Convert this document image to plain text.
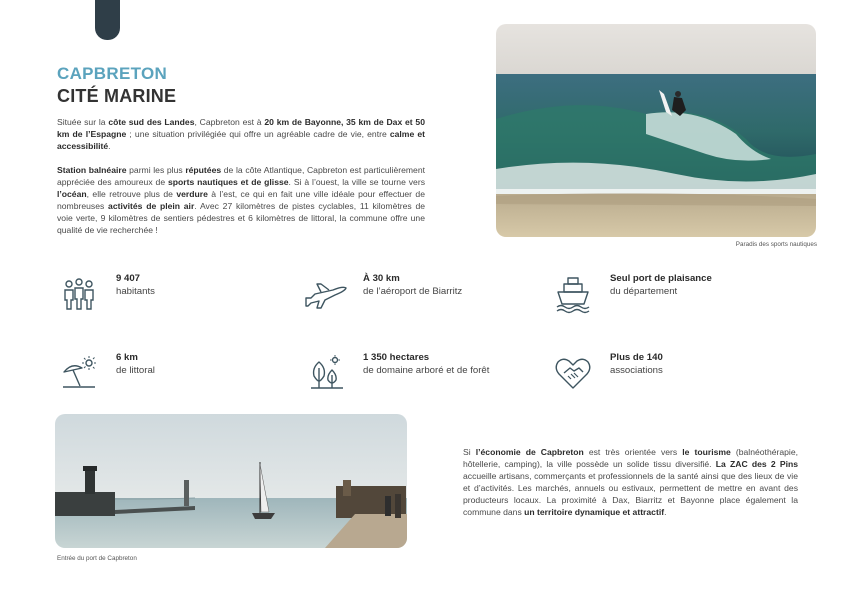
CAPBRETON
CITÉ MARINE

Située sur la côte sud des Landes, Capbreton est à 20 km de Bayonne, 35 km de Dax et 50 km de l’Espagne ; une situation privilégiée qui offre un agréable cadre de vie, entre calme et accessibilité.

Station balnéaire parmi les plus réputées de la côte Atlantique, Capbreton est particulièrement appréciée des amoureux de sports nautiques et de glisse. Si à l’ouest, la ville se tourne vers l’océan, elle retrouve plus de verdure à l’est, ce qui en fait une ville idéale pour effectuer de nombreuses activités de plein air. Avec 27 kilomètres de pistes cyclables, 11 kilomètres de voie verte, 9 kilomètres de sentiers pédestres et 6 kilomètres de littoral, la commune offre une qualité de vie recherchée !

Paradis des sports nautiques
9 407
habitants
À 30 km
de l’aéroport de Biarritz
Seul port de plaisance
du département
6 km
de littoral
1 350 hectares
de domaine arboré et de forêt
Plus de 140
associations
Entrée du port de Capbreton

Si l’économie de Capbreton est très orientée vers le tourisme (balnéothérapie, hôtellerie, camping), la ville possède un solide tissu diversifié. La ZAC des 2 Pins accueille artisans, commerçants et professionnels de la santé ainsi que des lieux de vie et d’activités. Les marchés, annuels ou estivaux, permettent de mettre en avant des producteurs locaux. La proximité à Dax, Biarritz et Bayonne place également la commune dans un territoire dynamique et attractif.
